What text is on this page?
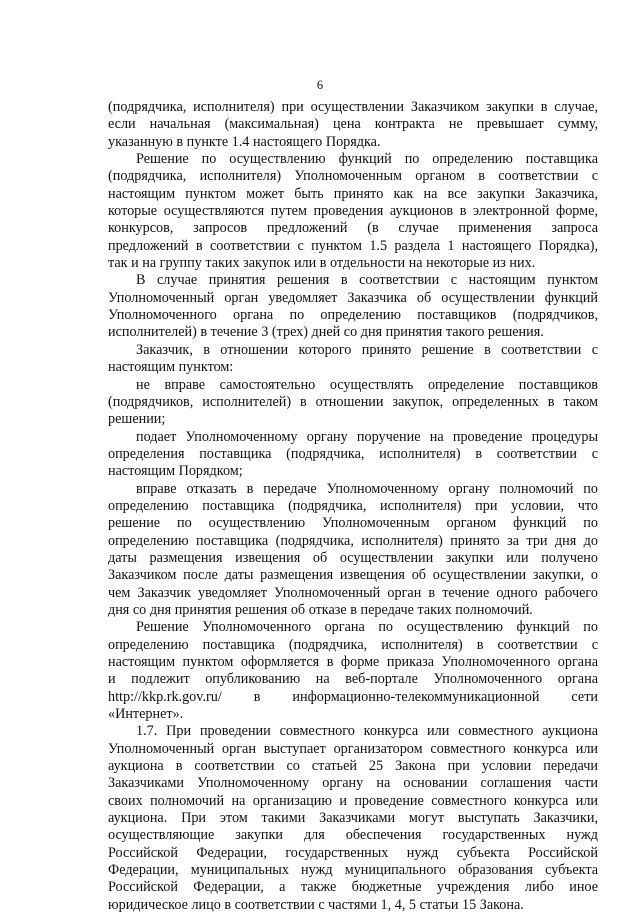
6
(подрядчика, исполнителя) при осуществлении Заказчиком закупки в случае,
если начальная (максимальная) цена контракта не превышает сумму,
указанную в пункте 1.4 настоящего Порядка.
Решение по осуществлению функций по определению поставщика
(подрядчика, исполнителя) Уполномоченным органом в соответствии с
настоящим пунктом может быть принято как на все закупки Заказчика,
которые осуществляются путем проведения аукционов в электронной форме,
конкурсов, запросов предложений (в случае применения запроса
предложений в соответствии с пунктом 1.5 раздела 1 настоящего Порядка),
так и на группу таких закупок или в отдельности на некоторые из них.
В случае принятия решения в соответствии с настоящим пунктом
Уполномоченный орган уведомляет Заказчика об осуществлении функций
Уполномоченного органа по определению поставщиков (подрядчиков,
исполнителей) в течение 3 (трех) дней со дня принятия такого решения.
Заказчик, в отношении которого принято решение в соответствии с
настоящим пунктом:
не вправе самостоятельно осуществлять определение поставщиков
(подрядчиков, исполнителей) в отношении закупок, определенных в таком
решении;
подает Уполномоченному органу поручение на проведение процедуры
определения поставщика (подрядчика, исполнителя) в соответствии с
настоящим Порядком;
вправе отказать в передаче Уполномоченному органу полномочий по
определению поставщика (подрядчика, исполнителя) при условии, что
решение по осуществлению Уполномоченным органом функций по
определению поставщика (подрядчика, исполнителя) принято за три дня до
даты размещения извещения об осуществлении закупки или получено
Заказчиком после даты размещения извещения об осуществлении закупки, о
чем Заказчик уведомляет Уполномоченный орган в течение одного рабочего
дня со дня принятия решения об отказе в передаче таких полномочий.
Решение Уполномоченного органа по осуществлению функций по
определению поставщика (подрядчика, исполнителя) в соответствии с
настоящим пунктом оформляется в форме приказа Уполномоченного органа
и подлежит опубликованию на веб-портале Уполномоченного органа
http://kkp.rk.gov.ru/ в информационно-телекоммуникационной сети
«Интернет».
1.7. При проведении совместного конкурса или совместного аукциона
Уполномоченный орган выступает организатором совместного конкурса или
аукциона в соответствии со статьей 25 Закона при условии передачи
Заказчиками Уполномоченному органу на основании соглашения части
своих полномочий на организацию и проведение совместного конкурса или
аукциона. При этом такими Заказчиками могут выступать Заказчики,
осуществляющие закупки для обеспечения государственных нужд
Российской Федерации, государственных нужд субъекта Российской
Федерации, муниципальных нужд муниципального образования субъекта
Российской Федерации, а также бюджетные учреждения либо иное
юридическое лицо в соответствии с частями 1, 4, 5 статьи 15 Закона.
